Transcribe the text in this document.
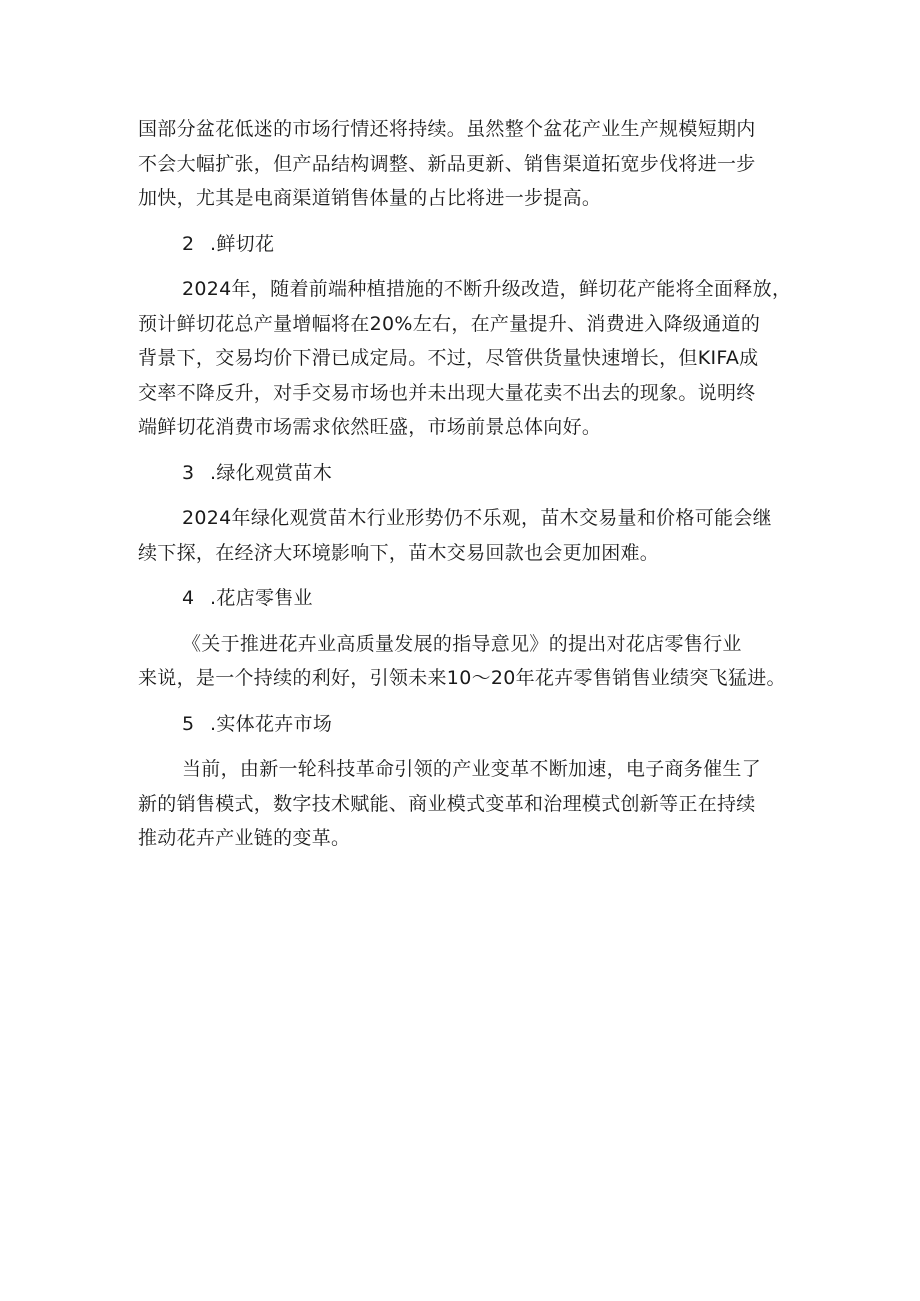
国部分盆花低迷的市场行情还将持续。虽然整个盆花产业生产规模短期内
不会大幅扩张，但产品结构调整、新品更新、销售渠道拓宽步伐将进一步
加快，尤其是电商渠道销售体量的占比将进一步提高。

2 .鲜切花

2024年，随着前端种植措施的不断升级改造，鲜切花产能将全面释放，
预计鲜切花总产量增幅将在20%左右，在产量提升、消费进入降级通道的
背景下，交易均价下滑已成定局。不过，尽管供货量快速增长，但KIFA成
交率不降反升，对手交易市场也并未出现大量花卖不出去的现象。说明终
端鲜切花消费市场需求依然旺盛，市场前景总体向好。

3 .绿化观赏苗木

2024年绿化观赏苗木行业形势仍不乐观，苗木交易量和价格可能会继
续下探，在经济大环境影响下，苗木交易回款也会更加困难。

4 .花店零售业

《关于推进花卉业高质量发展的指导意见》的提出对花店零售行业
来说，是一个持续的利好，引领未来10〜20年花卉零售销售业绩突飞猛进。

5 .实体花卉市场

当前，由新一轮科技革命引领的产业变革不断加速，电子商务催生了
新的销售模式，数字技术赋能、商业模式变革和治理模式创新等正在持续
推动花卉产业链的变革。
